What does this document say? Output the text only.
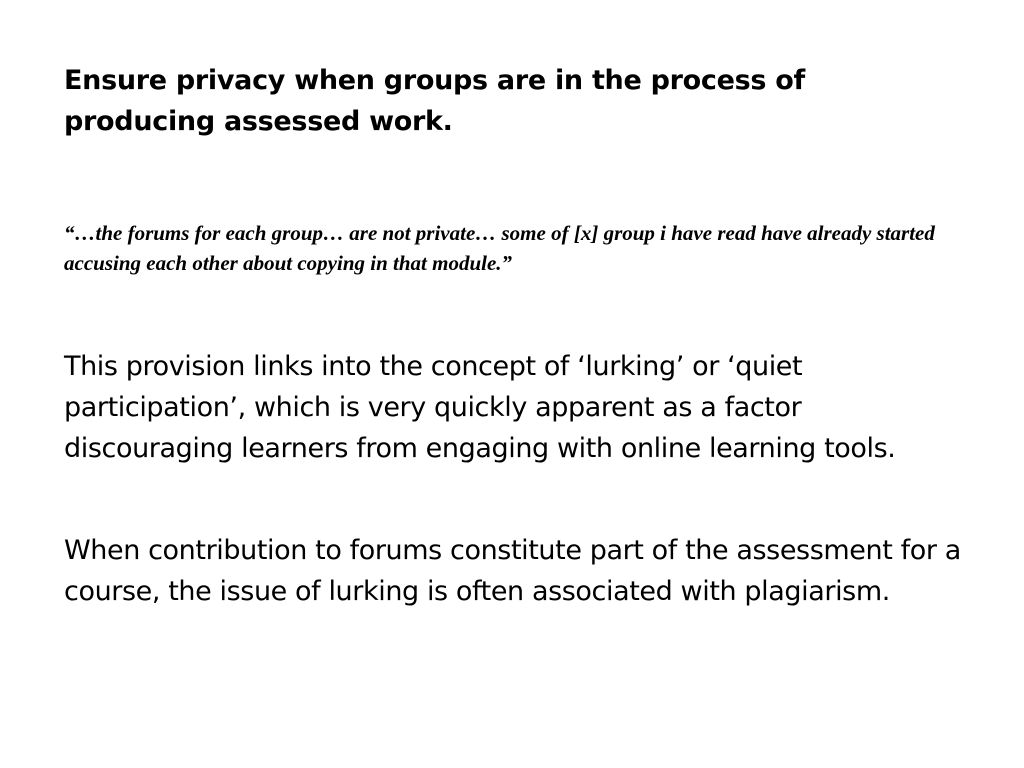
Ensure privacy when groups are in the process of producing assessed work.

“…the forums for each group… are not private… some of [x] group i have read have already started accusing each other about copying in that module.”

This provision links into the concept of ‘lurking’ or ‘quiet participation’, which is very quickly apparent as a factor discouraging learners from engaging with online learning tools.

When contribution to forums constitute part of the assessment for a course, the issue of lurking is often associated with plagiarism.
